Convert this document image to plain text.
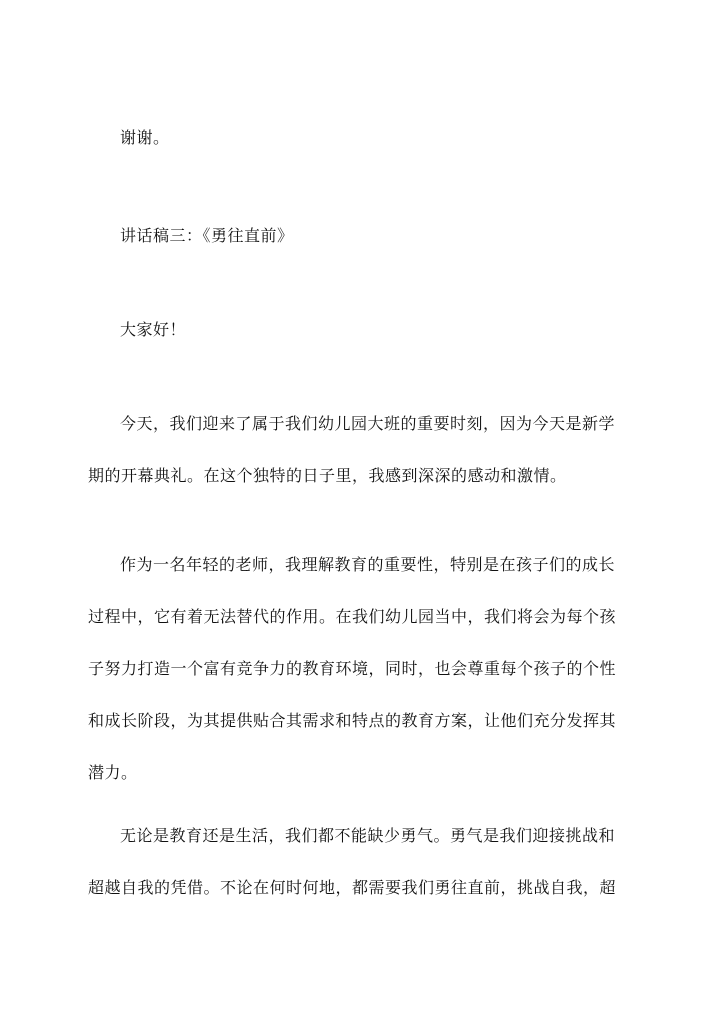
谢谢。

讲话稿三：《勇往直前》

大家好！

今天，我们迎来了属于我们幼儿园大班的重要时刻，因为今天是新学
期的开幕典礼。在这个独特的日子里，我感到深深的感动和激情。

作为一名年轻的老师，我理解教育的重要性，特别是在孩子们的成长
过程中，它有着无法替代的作用。在我们幼儿园当中，我们将会为每个孩
子努力打造一个富有竞争力的教育环境，同时，也会尊重每个孩子的个性
和成长阶段，为其提供贴合其需求和特点的教育方案，让他们充分发挥其
潜力。

无论是教育还是生活，我们都不能缺少勇气。勇气是我们迎接挑战和
超越自我的凭借。不论在何时何地，都需要我们勇往直前，挑战自我，超
